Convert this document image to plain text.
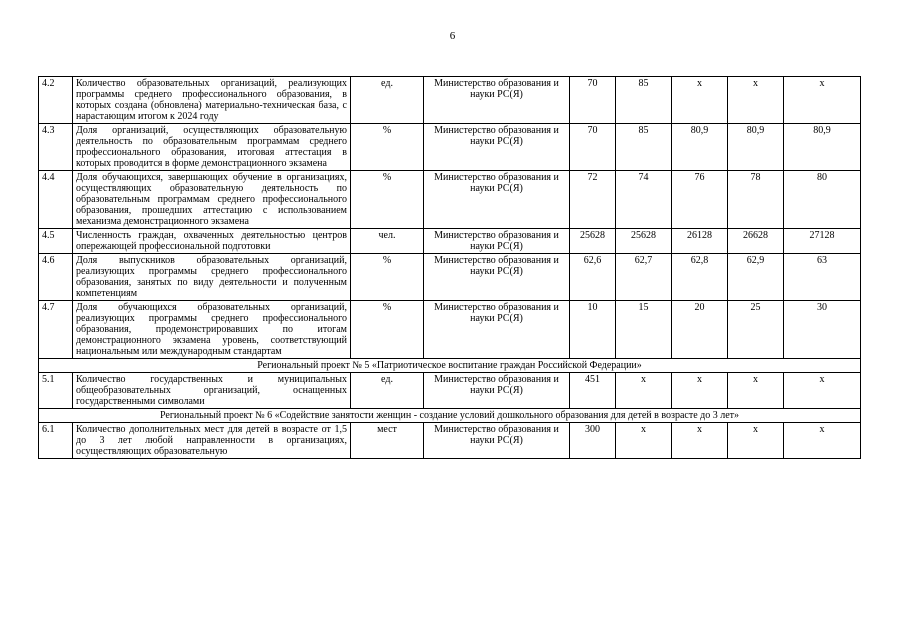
6
4.2	Количество образовательных организаций, реализующих программы среднего профессионального образования, в которых создана (обновлена) материально-техническая база, с нарастающим итогом к 2024 году	ед.	Министерство образования и науки РС(Я)	70	85	х	х	х
4.3	Доля организаций, осуществляющих образовательную деятельность по образовательным программам среднего профессионального образования, итоговая аттестация в которых проводится в форме демонстрационного экзамена	%	Министерство образования и науки РС(Я)	70	85	80,9	80,9	80,9
4.4	Доля обучающихся, завершающих обучение в организациях, осуществляющих образовательную деятельность по образовательным программам среднего профессионального образования, прошедших аттестацию с использованием механизма демонстрационного экзамена	%	Министерство образования и науки РС(Я)	72	74	76	78	80
4.5	Численность граждан, охваченных деятельностью центров опережающей профессиональной подготовки	чел.	Министерство образования и науки РС(Я)	25628	25628	26128	26628	27128
4.6	Доля выпускников образовательных организаций, реализующих программы среднего профессионального образования, занятых по виду деятельности и полученным компетенциям	%	Министерство образования и науки РС(Я)	62,6	62,7	62,8	62,9	63
4.7	Доля обучающихся образовательных организаций, реализующих программы среднего профессионального образования, продемонстрировавших по итогам демонстрационного экзамена уровень, соответствующий национальным или международным стандартам	%	Министерство образования и науки РС(Я)	10	15	20	25	30
Региональный проект № 5 «Патриотическое воспитание граждан Российской Федерации»								
5.1	Количество государственных и муниципальных общеобразовательных организаций, оснащенных государственными символами	ед.	Министерство образования и науки РС(Я)	451	х	х	х	х
Региональный проект № 6 «Содействие занятости женщин - создание условий дошкольного образования для детей в возрасте до 3 лет»								
6.1	Количество дополнительных мест для детей в возрасте от 1,5 до 3 лет любой направленности в организациях, осуществляющих образовательную	мест	Министерство образования и науки РС(Я)	300	х	х	х	х
